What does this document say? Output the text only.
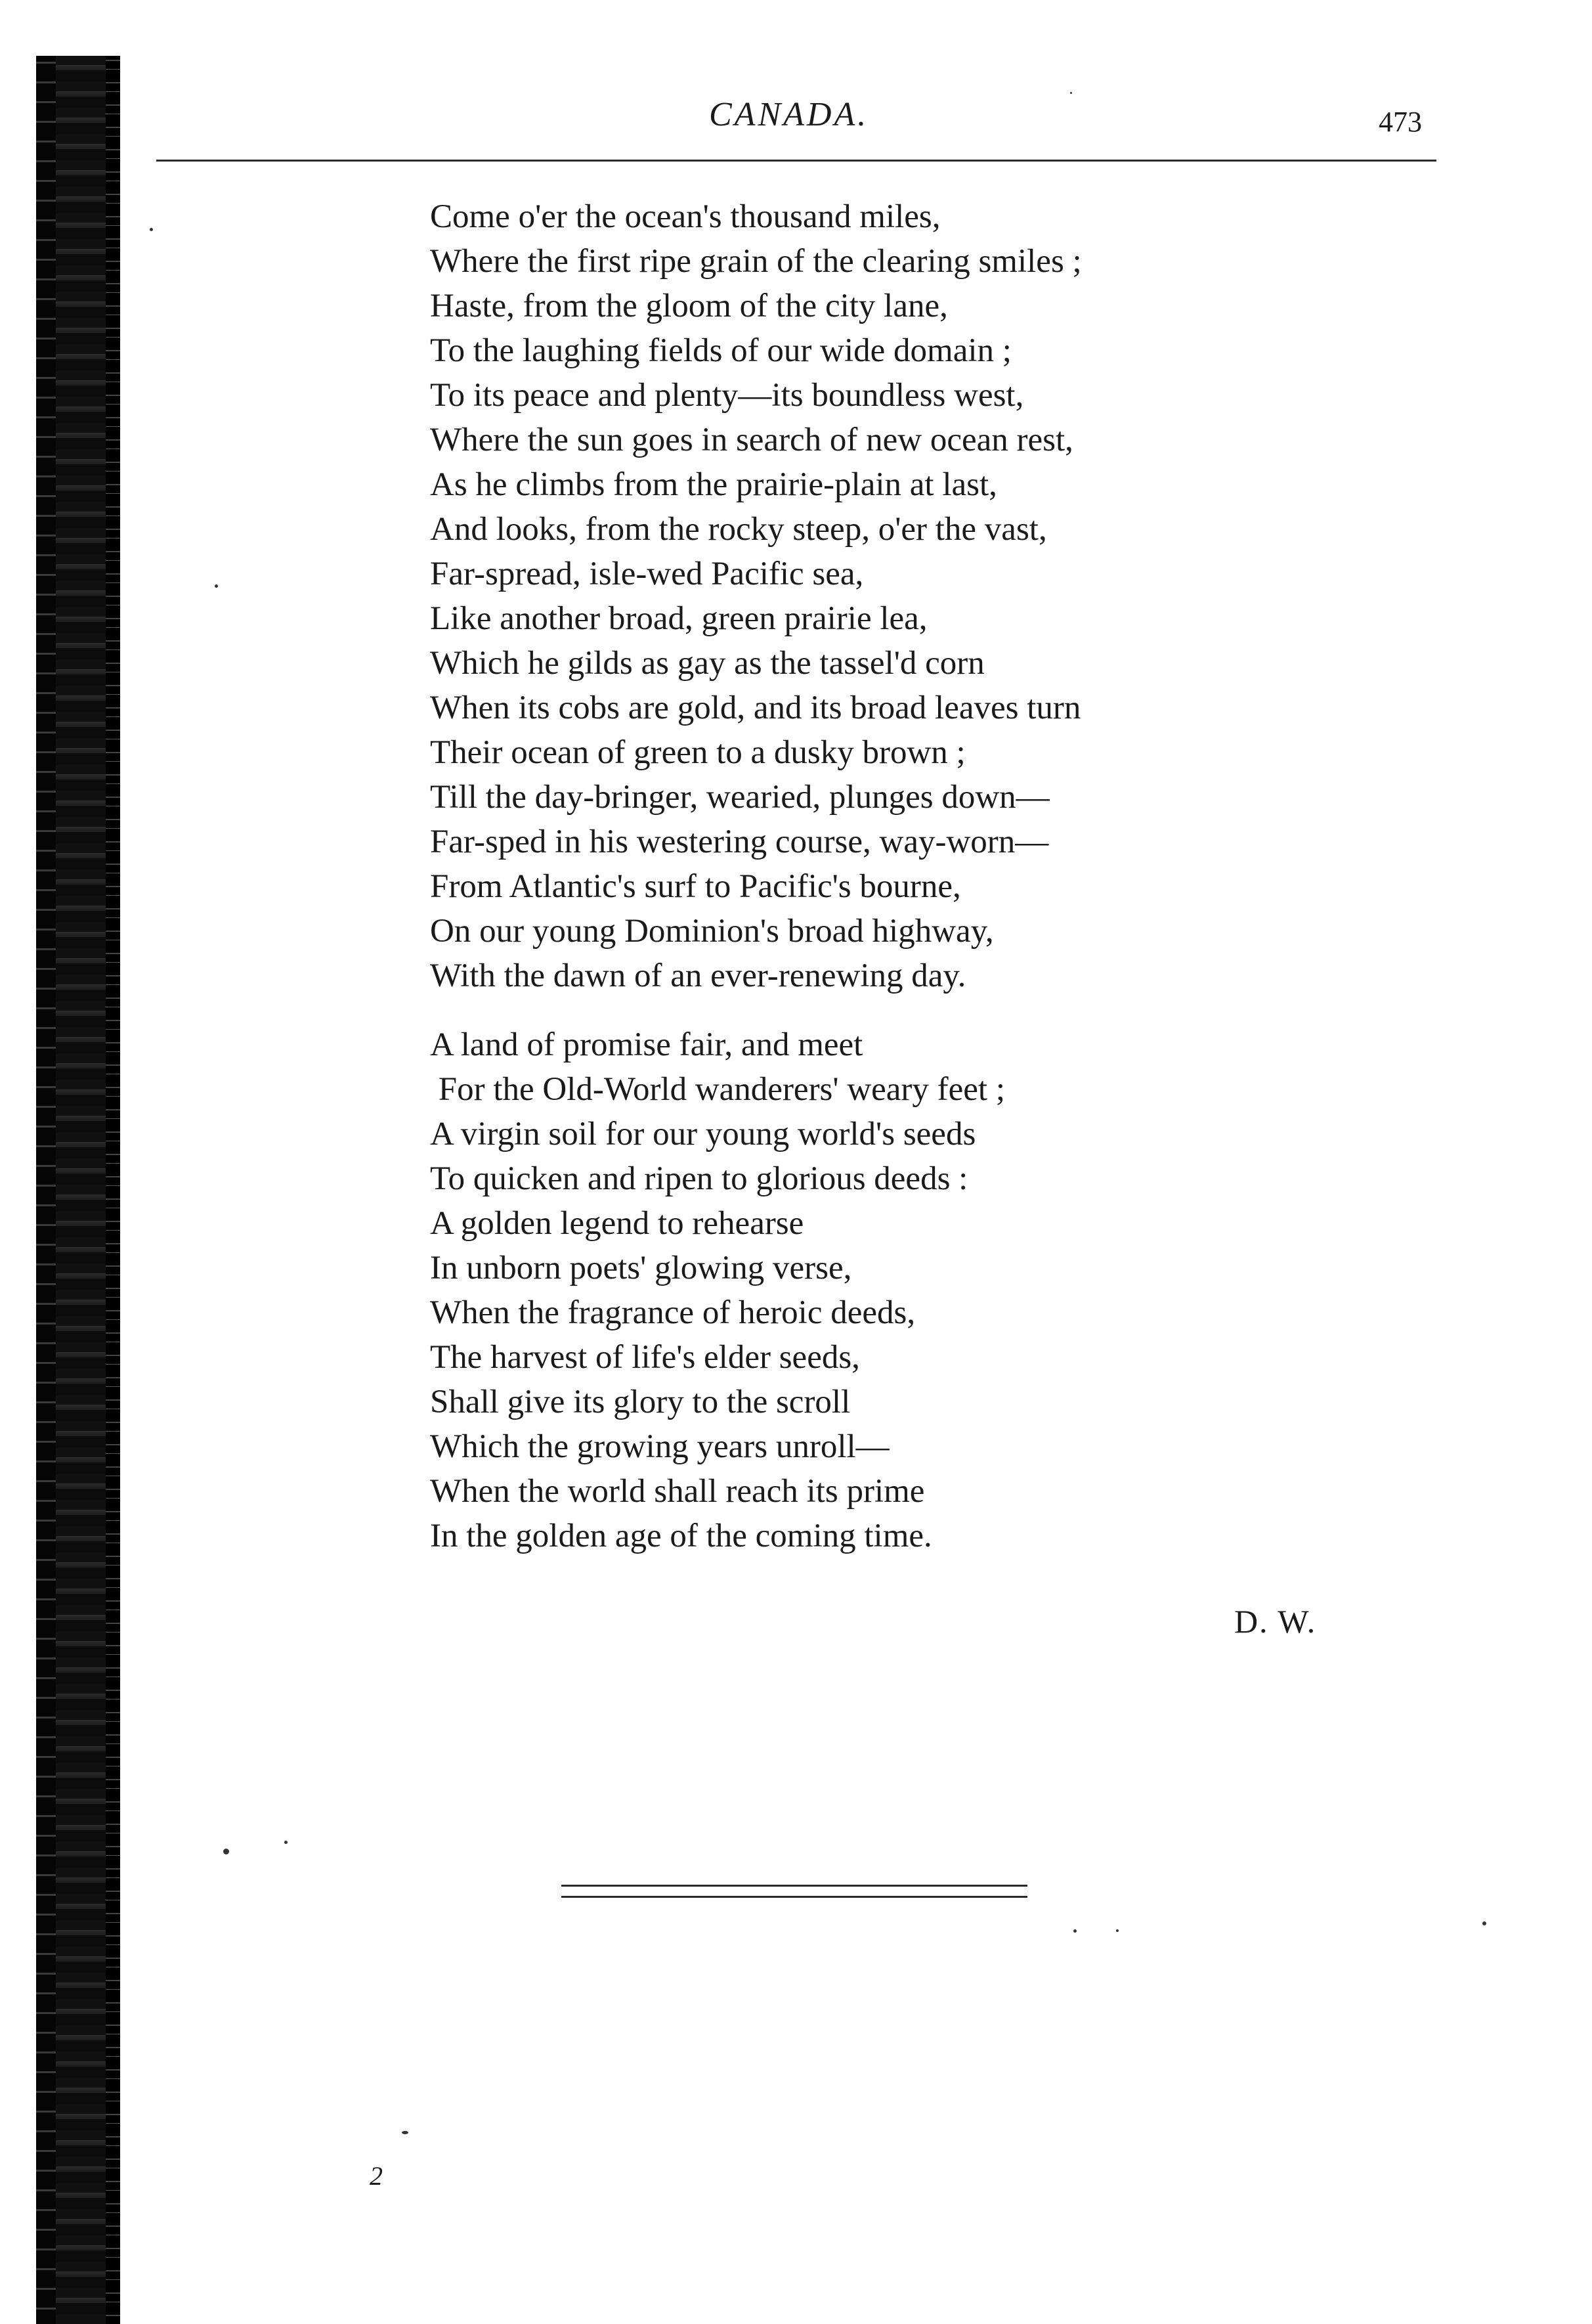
CANADA.	473
Come o'er the ocean's thousand miles,
Where the first ripe grain of the clearing smiles ;
Haste, from the gloom of the city lane,
To the laughing fields of our wide domain ;
To its peace and plenty—its boundless west,
Where the sun goes in search of new ocean rest,
As he climbs from the prairie-plain at last,
And looks, from the rocky steep, o'er the vast,
Far-spread, isle-wed Pacific sea,
Like another broad, green prairie lea,
Which he gilds as gay as the tassel'd corn
When its cobs are gold, and its broad leaves turn
Their ocean of green to a dusky brown ;
Till the day-bringer, wearied, plunges down—
Far-sped in his westering course, way-worn—
From Atlantic's surf to Pacific's bourne,
On our young Dominion's broad highway,
With the dawn of an ever-renewing day.
A land of promise fair, and meet
For the Old-World wanderers' weary feet ;
A virgin soil for our young world's seeds
To quicken and ripen to glorious deeds :
A golden legend to rehearse
In unborn poets' glowing verse,
When the fragrance of heroic deeds,
The harvest of life's elder seeds,
Shall give its glory to the scroll
Which the growing years unroll—
When the world shall reach its prime
In the golden age of the coming time.
D. W.
2
